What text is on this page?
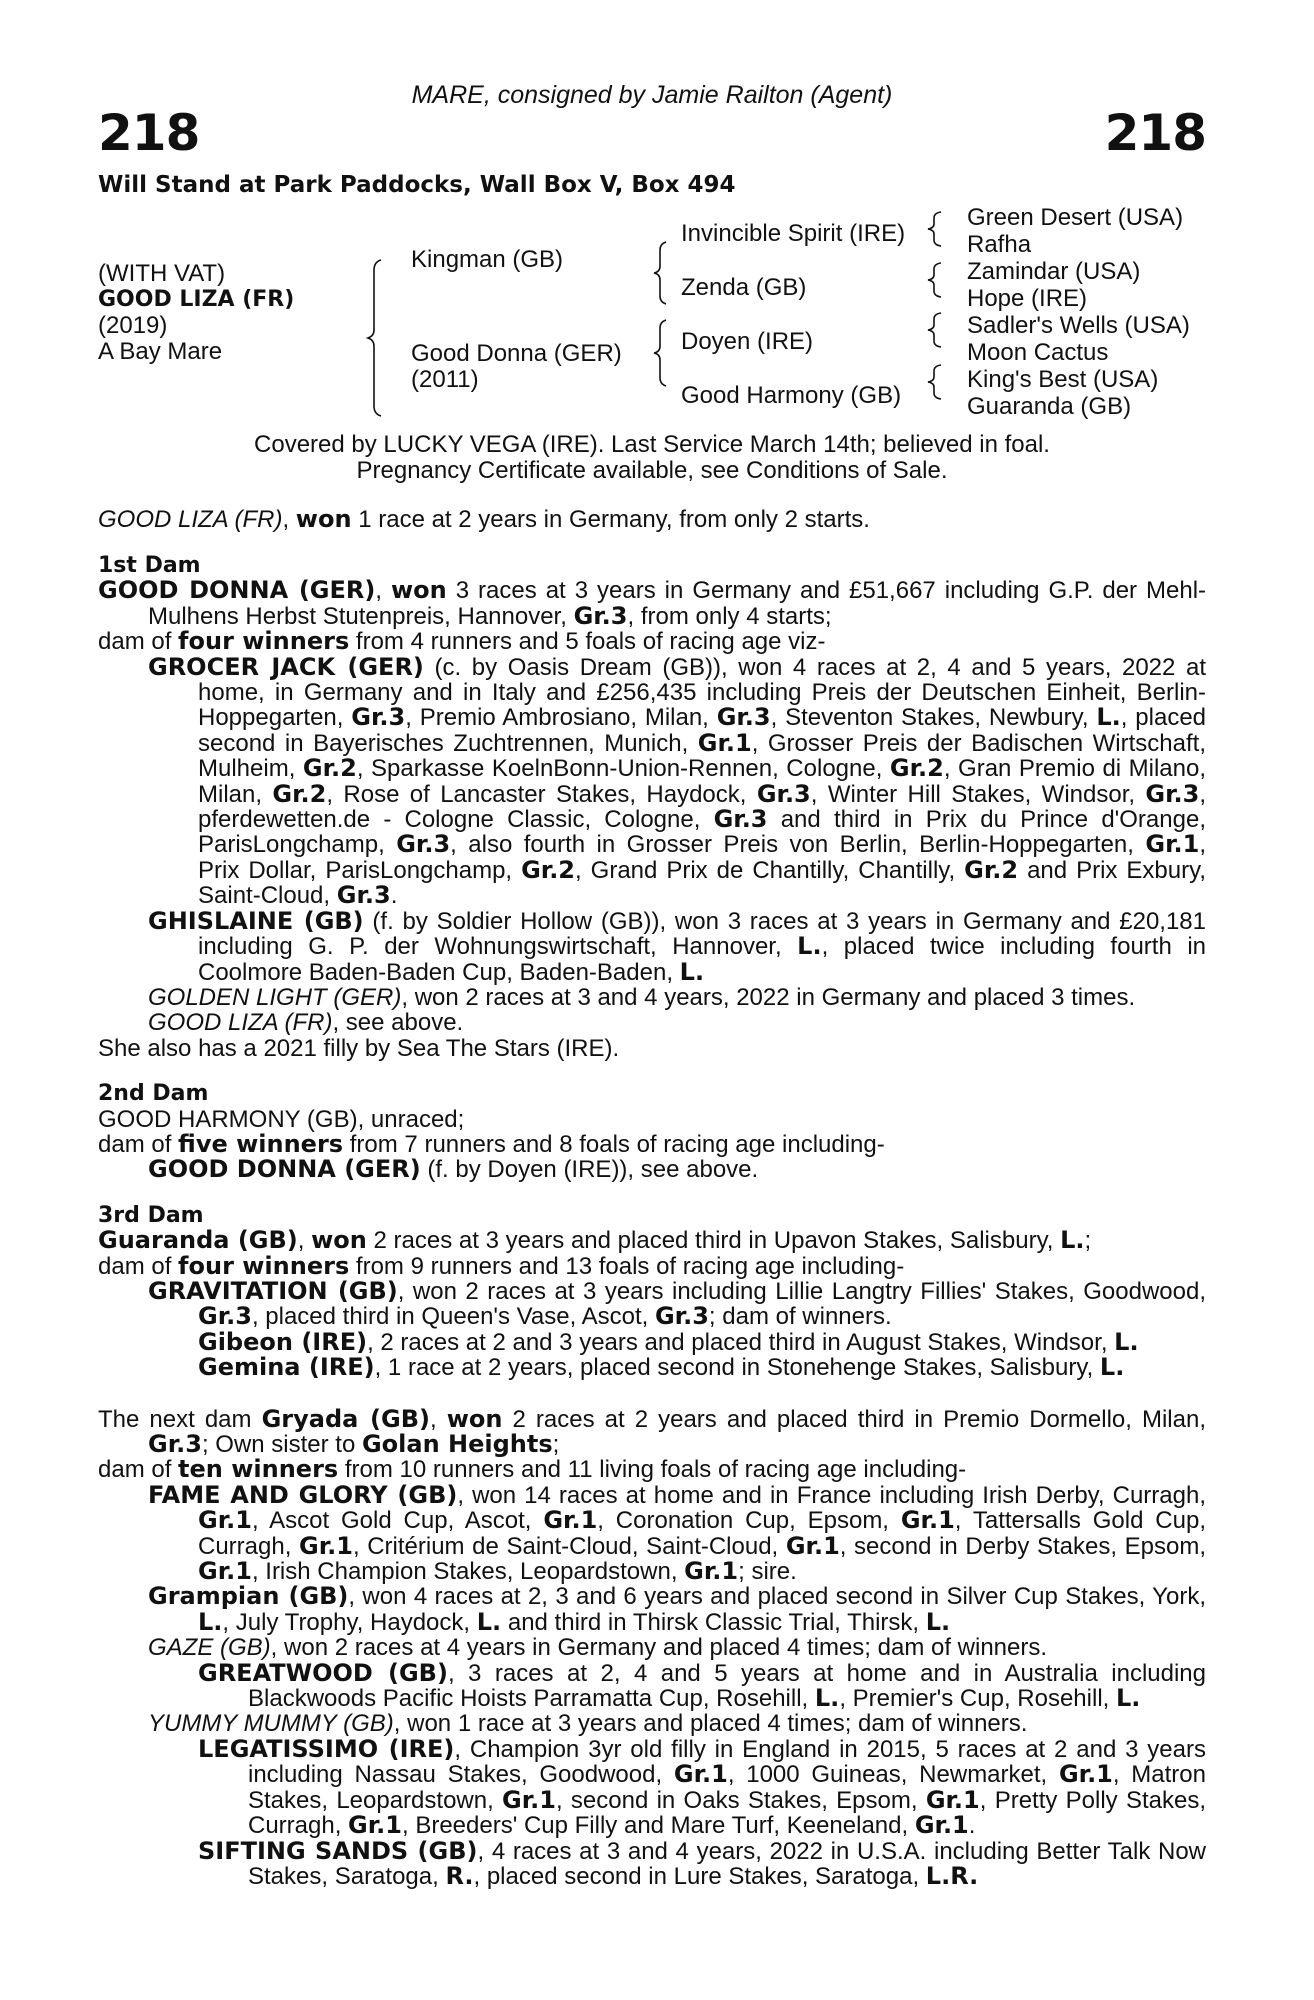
MARE, consigned by Jamie Railton (Agent)
218	218
Will Stand at Park Paddocks, Wall Box V, Box 494
(WITH VAT)
GOOD LIZA (FR)
(2019)
A Bay Mare
Kingman (GB)
Good Donna (GER)
(2011)
Invincible Spirit (IRE)
Zenda (GB)
Doyen (IRE)
Good Harmony (GB)
Green Desert (USA)
Rafha
Zamindar (USA)
Hope (IRE)
Sadler's Wells (USA)
Moon Cactus
King's Best (USA)
Guaranda (GB)
Covered by LUCKY VEGA (IRE). Last Service March 14th; believed in foal.
Pregnancy Certificate available, see Conditions of Sale.
GOOD LIZA (FR), won 1 race at 2 years in Germany, from only 2 starts.
1st Dam
GOOD DONNA (GER), won 3 races at 3 years in Germany and £51,667 including G.P. der Mehl-Mulhens Herbst Stutenpreis, Hannover, Gr.3, from only 4 starts;
dam of four winners from 4 runners and 5 foals of racing age viz-
GROCER JACK (GER) (c. by Oasis Dream (GB)), won 4 races at 2, 4 and 5 years, 2022 at home, in Germany and in Italy and £256,435 including Preis der Deutschen Einheit, Berlin-Hoppegarten, Gr.3, Premio Ambrosiano, Milan, Gr.3, Steventon Stakes, Newbury, L., placed second in Bayerisches Zuchtrennen, Munich, Gr.1, Grosser Preis der Badischen Wirtschaft, Mulheim, Gr.2, Sparkasse KoelnBonn-Union-Rennen, Cologne, Gr.2, Gran Premio di Milano, Milan, Gr.2, Rose of Lancaster Stakes, Haydock, Gr.3, Winter Hill Stakes, Windsor, Gr.3, pferdewetten.de - Cologne Classic, Cologne, Gr.3 and third in Prix du Prince d'Orange, ParisLongchamp, Gr.3, also fourth in Grosser Preis von Berlin, Berlin-Hoppegarten, Gr.1, Prix Dollar, ParisLongchamp, Gr.2, Grand Prix de Chantilly, Chantilly, Gr.2 and Prix Exbury, Saint-Cloud, Gr.3.
GHISLAINE (GB) (f. by Soldier Hollow (GB)), won 3 races at 3 years in Germany and £20,181 including G. P. der Wohnungswirtschaft, Hannover, L., placed twice including fourth in Coolmore Baden-Baden Cup, Baden-Baden, L.
GOLDEN LIGHT (GER), won 2 races at 3 and 4 years, 2022 in Germany and placed 3 times.
GOOD LIZA (FR), see above.
She also has a 2021 filly by Sea The Stars (IRE).
2nd Dam
GOOD HARMONY (GB), unraced;
dam of five winners from 7 runners and 8 foals of racing age including-
GOOD DONNA (GER) (f. by Doyen (IRE)), see above.
3rd Dam
Guaranda (GB), won 2 races at 3 years and placed third in Upavon Stakes, Salisbury, L.;
dam of four winners from 9 runners and 13 foals of racing age including-
GRAVITATION (GB), won 2 races at 3 years including Lillie Langtry Fillies' Stakes, Goodwood, Gr.3, placed third in Queen's Vase, Ascot, Gr.3; dam of winners.
Gibeon (IRE), 2 races at 2 and 3 years and placed third in August Stakes, Windsor, L.
Gemina (IRE), 1 race at 2 years, placed second in Stonehenge Stakes, Salisbury, L.
The next dam Gryada (GB), won 2 races at 2 years and placed third in Premio Dormello, Milan, Gr.3; Own sister to Golan Heights;
dam of ten winners from 10 runners and 11 living foals of racing age including-
FAME AND GLORY (GB), won 14 races at home and in France including Irish Derby, Curragh, Gr.1, Ascot Gold Cup, Ascot, Gr.1, Coronation Cup, Epsom, Gr.1, Tattersalls Gold Cup, Curragh, Gr.1, Critérium de Saint-Cloud, Saint-Cloud, Gr.1, second in Derby Stakes, Epsom, Gr.1, Irish Champion Stakes, Leopardstown, Gr.1; sire.
Grampian (GB), won 4 races at 2, 3 and 6 years and placed second in Silver Cup Stakes, York, L., July Trophy, Haydock, L. and third in Thirsk Classic Trial, Thirsk, L.
GAZE (GB), won 2 races at 4 years in Germany and placed 4 times; dam of winners.
GREATWOOD (GB), 3 races at 2, 4 and 5 years at home and in Australia including Blackwoods Pacific Hoists Parramatta Cup, Rosehill, L., Premier's Cup, Rosehill, L.
YUMMY MUMMY (GB), won 1 race at 3 years and placed 4 times; dam of winners.
LEGATISSIMO (IRE), Champion 3yr old filly in England in 2015, 5 races at 2 and 3 years including Nassau Stakes, Goodwood, Gr.1, 1000 Guineas, Newmarket, Gr.1, Matron Stakes, Leopardstown, Gr.1, second in Oaks Stakes, Epsom, Gr.1, Pretty Polly Stakes, Curragh, Gr.1, Breeders' Cup Filly and Mare Turf, Keeneland, Gr.1.
SIFTING SANDS (GB), 4 races at 3 and 4 years, 2022 in U.S.A. including Better Talk Now Stakes, Saratoga, R., placed second in Lure Stakes, Saratoga, L.R.
